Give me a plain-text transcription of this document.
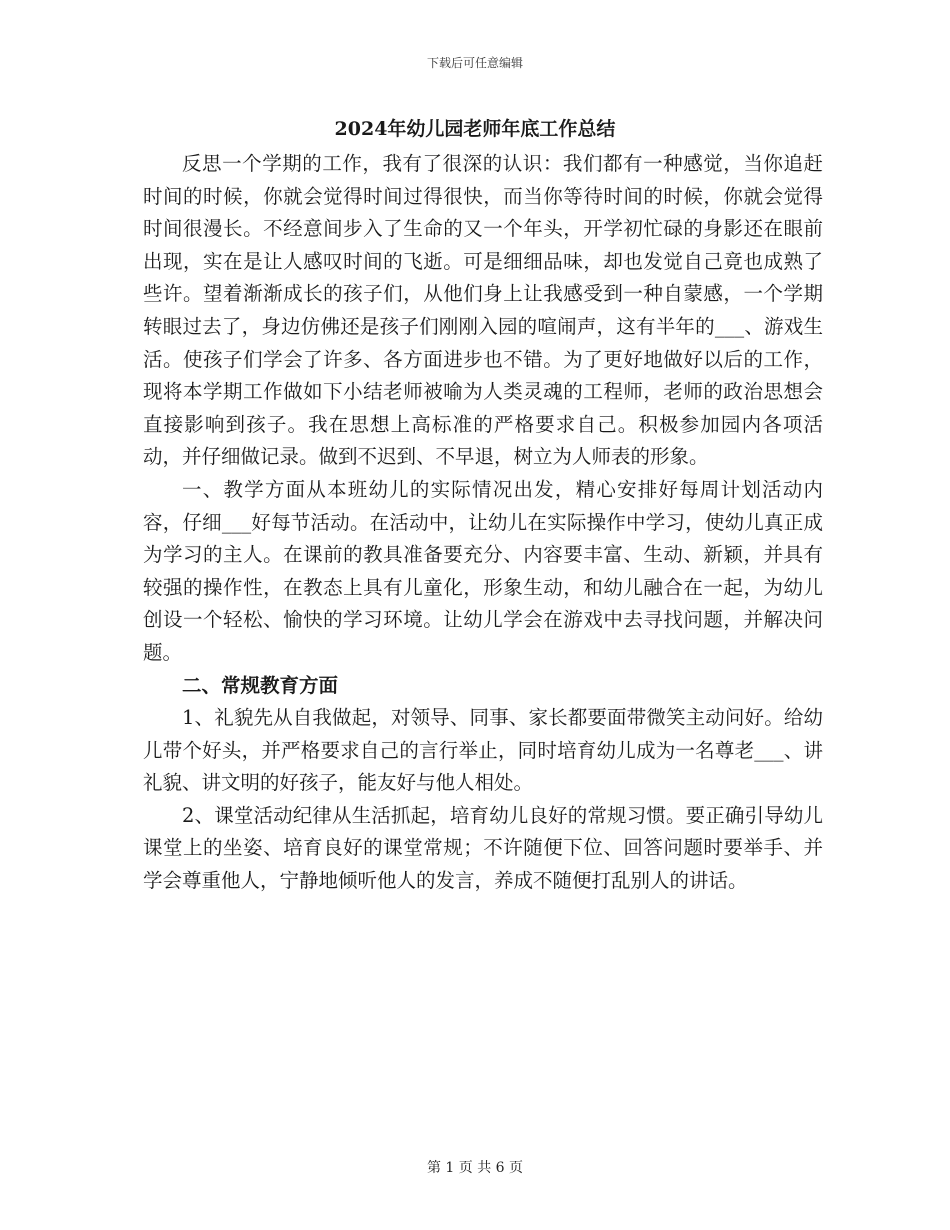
下载后可任意编辑
2024年幼儿园老师年底工作总结

反思一个学期的工作，我有了很深的认识：我们都有一种感觉，当你追赶时间的时候，你就会觉得时间过得很快，而当你等待时间的时候，你就会觉得时间很漫长。不经意间步入了生命的又一个年头，开学初忙碌的身影还在眼前出现，实在是让人感叹时间的飞逝。可是细细品味，却也发觉自己竟也成熟了些许。望着渐渐成长的孩子们，从他们身上让我感受到一种自蒙感，一个学期转眼过去了，身边仿佛还是孩子们刚刚入园的喧闹声，这有半年的___、游戏生活。使孩子们学会了许多、各方面进步也不错。为了更好地做好以后的工作，现将本学期工作做如下小结老师被喻为人类灵魂的工程师，老师的政治思想会直接影响到孩子。我在思想上高标准的严格要求自己。积极参加园内各项活动，并仔细做记录。做到不迟到、不早退，树立为人师表的形象。

一、教学方面从本班幼儿的实际情况出发，精心安排好每周计划活动内容，仔细___好每节活动。在活动中，让幼儿在实际操作中学习，使幼儿真正成为学习的主人。在课前的教具准备要充分、内容要丰富、生动、新颖，并具有较强的操作性，在教态上具有儿童化，形象生动，和幼儿融合在一起，为幼儿创设一个轻松、愉快的学习环境。让幼儿学会在游戏中去寻找问题，并解决问题。

二、常规教育方面

1、礼貌先从自我做起，对领导、同事、家长都要面带微笑主动问好。给幼儿带个好头，并严格要求自己的言行举止，同时培育幼儿成为一名尊老___、讲礼貌、讲文明的好孩子，能友好与他人相处。

2、课堂活动纪律从生活抓起，培育幼儿良好的常规习惯。要正确引导幼儿课堂上的坐姿、培育良好的课堂常规；不许随便下位、回答问题时要举手、并学会尊重他人，宁静地倾听他人的发言，养成不随便打乱别人的讲话。

第 1 页 共 6 页
